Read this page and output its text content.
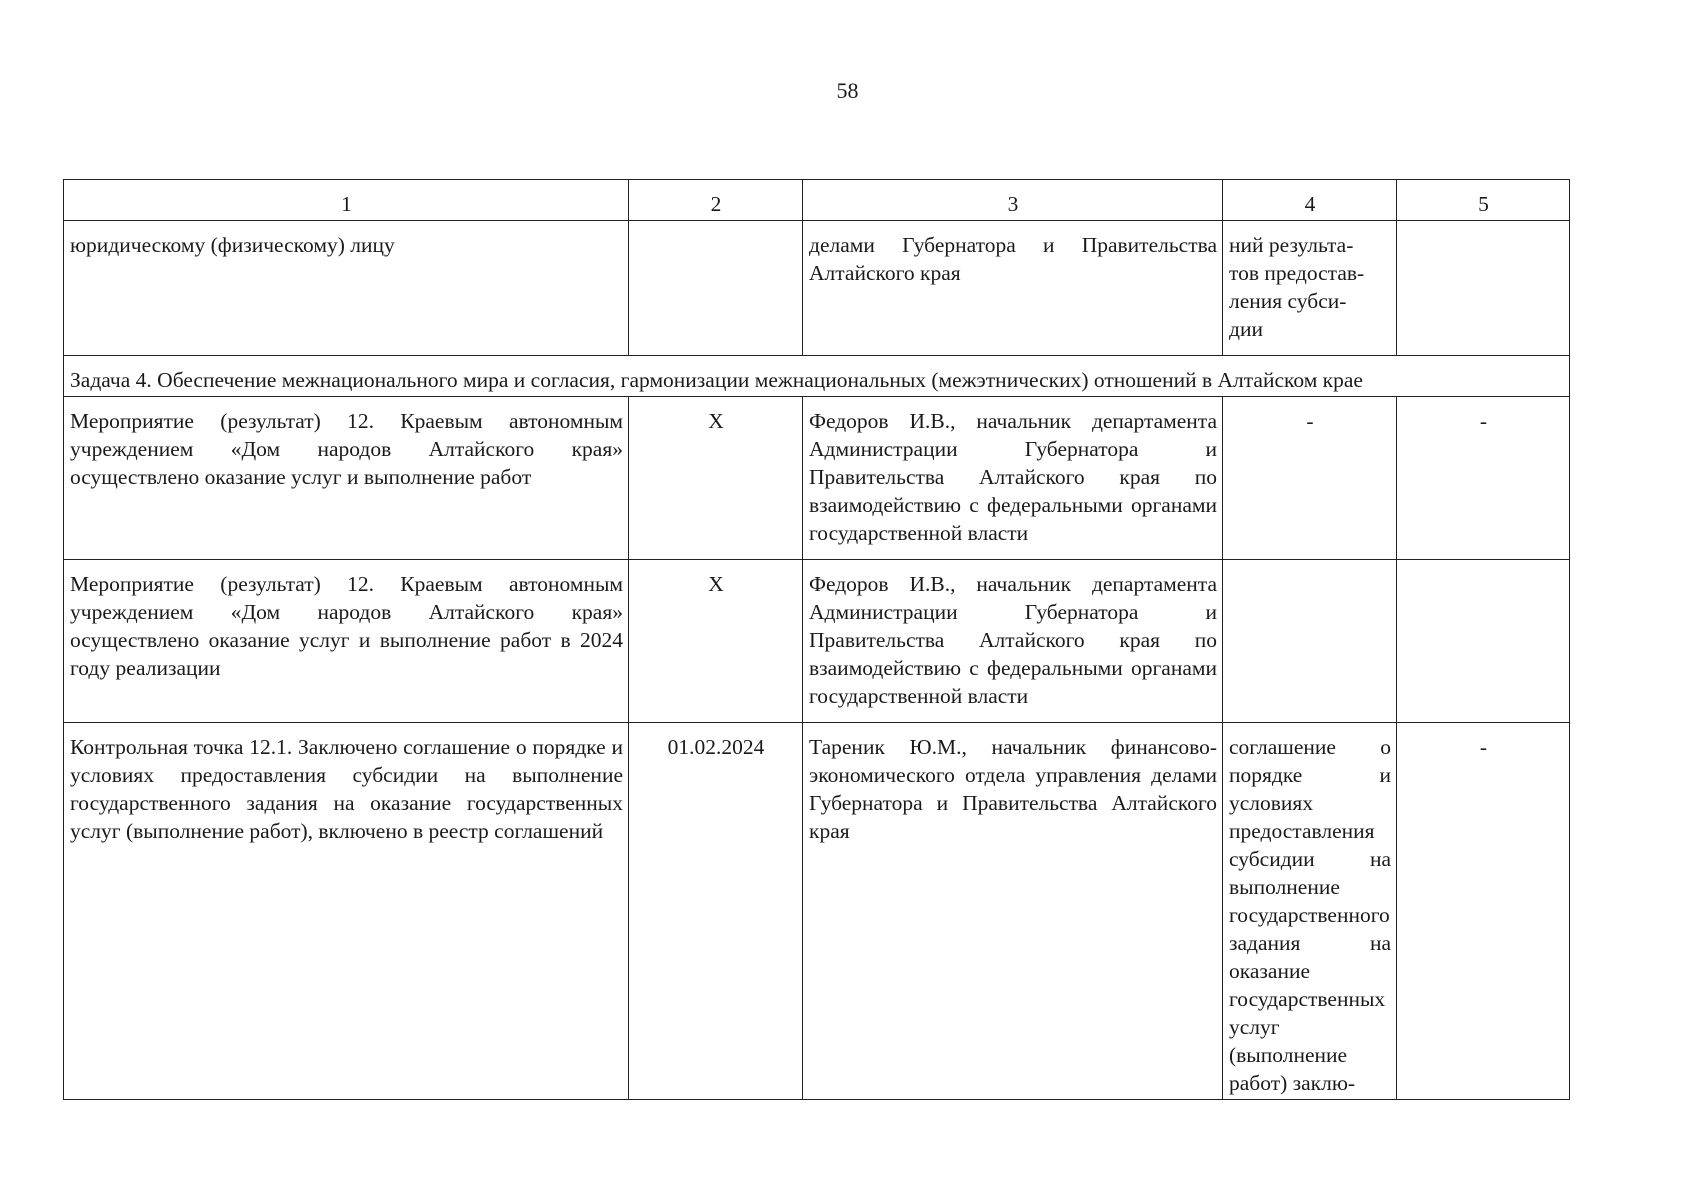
58
1	2	3	4	5
юридическому (физическому) лицу		делами Губернатора и Правительства Алтайского края	ний результа-
тов предостав-
ления субси-
дии	
Задача 4. Обеспечение межнационального мира и согласия, гармонизации межнациональных (межэтнических) отношений в Алтайском крае				
Мероприятие (результат) 12. Краевым автономным учреждением «Дом народов Алтайского края» осуществлено оказание услуг и выполнение работ	X	Федоров И.В., начальник департамента Администрации Губернатора и Правительства Алтайского края по взаимодействию с федеральными органами государственной власти	-	-
Мероприятие (результат) 12. Краевым автономным учреждением «Дом народов Алтайского края» осуществлено оказание услуг и выполнение работ в 2024 году реализации	X	Федоров И.В., начальник департамента Администрации Губернатора и Правительства Алтайского края по взаимодействию с федеральными органами государственной власти		
Контрольная точка 12.1. Заключено соглашение о порядке и условиях предоставления субсидии на выполнение государственного задания на оказание государственных услуг (выполнение работ), включено в реестр соглашений	01.02.2024	Тареник Ю.М., начальник финансово-экономического отдела управления делами Губернатора и Правительства Алтайского края	соглашение о порядке и условиях предоставления субсидии на выполнение государственного задания на оказание государственных услуг (выполнение работ) заклю-	-
